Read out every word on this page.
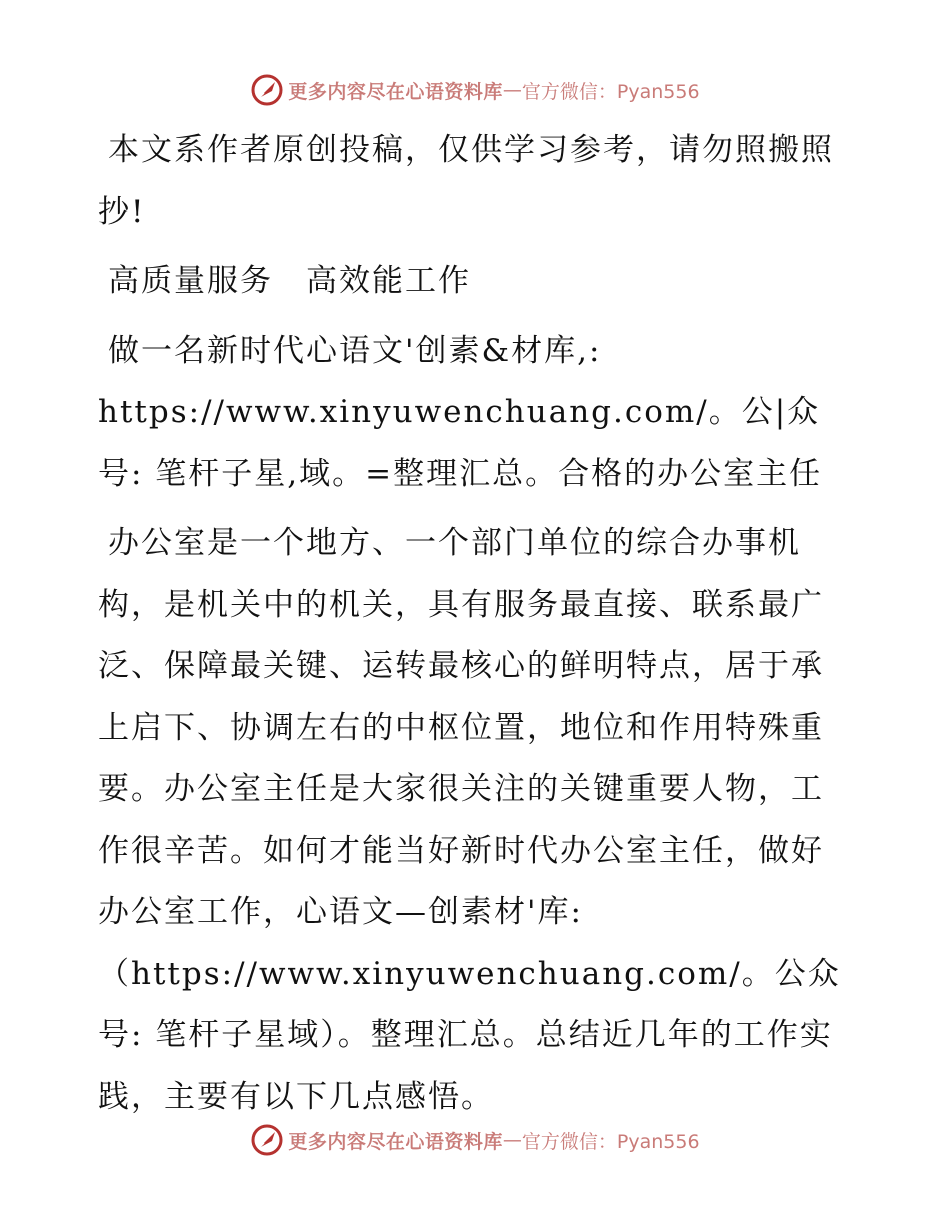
更多内容尽在心语资料库 — 官方微信：Pyan556

本文系作者原创投稿，仅供学习参考，请勿照搬照抄!

高质量服务　高效能工作

做一名新时代心语文'创素&材库,: https://www.xinyuwenchuang.com/。公|众号: 笔杆子星,域。=整理汇总。合格的办公室主任

办公室是一个地方、一个部门单位的综合办事机构，是机关中的机关，具有服务最直接、联系最广泛、保障最关键、运转最核心的鲜明特点，居于承上启下、协调左右的中枢位置，地位和作用特殊重要。办公室主任是大家很关注的关键重要人物，工作很辛苦。如何才能当好新时代办公室主任，做好办公室工作，心语文—创素材'库: （https://www.xinyuwenchuang.com/。公众号: 笔杆子星域）。整理汇总。总结近几年的工作实践，主要有以下几点感悟。

更多内容尽在心语资料库 — 官方微信：Pyan556
